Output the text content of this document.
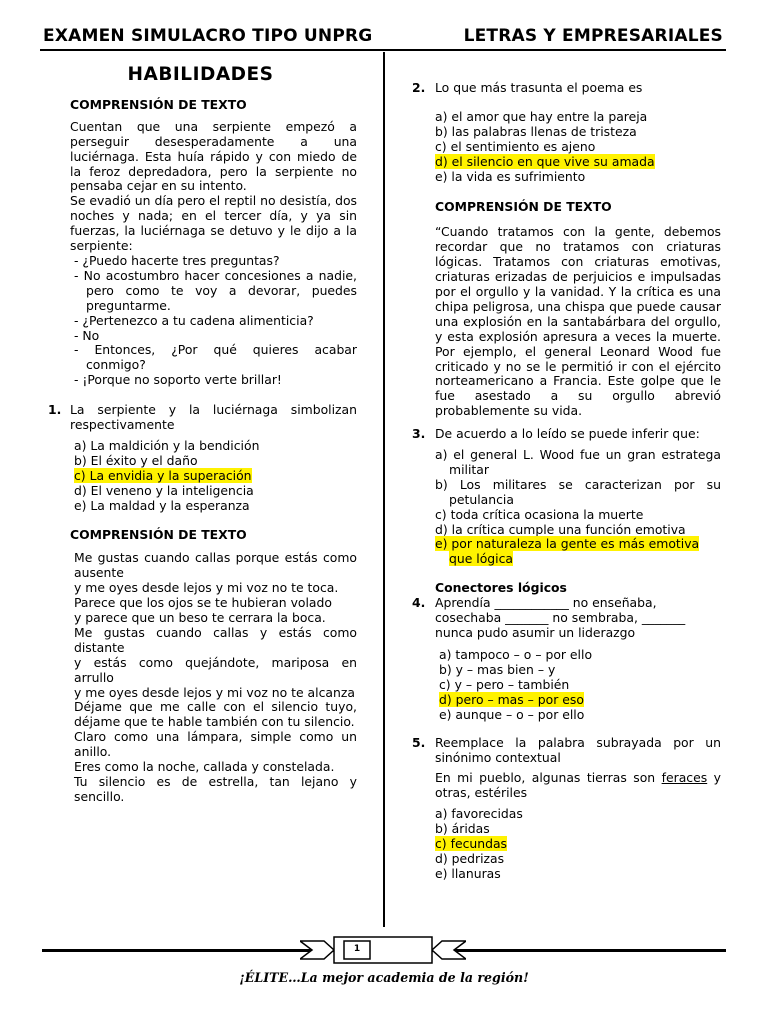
EXAMEN SIMULACRO TIPO UNPRG	LETRAS Y EMPRESARIALES

HABILIDADES

COMPRENSIÓN DE TEXTO

Cuentan que una serpiente empezó a perseguir desesperadamente a una luciérnaga. Esta huía rápido y con miedo de la feroz depredadora, pero la serpiente no pensaba cejar en su intento.

Se evadió un día pero el reptil no desistía, dos noches y nada; en el tercer día, y ya sin fuerzas, la luciérnaga se detuvo y le dijo a la serpiente:

- ¿Puedo hacerte tres preguntas?

- No acostumbro hacer concesiones a nadie, pero como te voy a devorar, puedes preguntarme.

- ¿Pertenezco a tu cadena alimenticia?

- No

- Entonces, ¿Por qué quieres acabar conmigo?

- ¡Porque no soporto verte brillar!

1. La serpiente y la luciérnaga simbolizan respectivamente

a) La maldición y la bendición

b) El éxito y el daño

c) La envidia y la superación

d) El veneno y la inteligencia

e) La maldad y la esperanza

COMPRENSIÓN DE TEXTO

Me gustas cuando callas porque estás como ausente

y me oyes desde lejos y mi voz no te toca.

Parece que los ojos se te hubieran volado

y parece que un beso te cerrara la boca.

Me gustas cuando callas y estás como distante

y estás como quejándote, mariposa en arrullo

y me oyes desde lejos y mi voz no te alcanza

Déjame que me calle con el silencio tuyo, déjame que te hable también con tu silencio.

Claro como una lámpara, simple como un anillo.

Eres como la noche, callada y constelada.

Tu silencio es de estrella, tan lejano y sencillo.

2. Lo que más trasunta el poema es

a) el amor que hay entre la pareja

b) las palabras llenas de tristeza

c) el sentimiento es ajeno

d) el silencio en que vive su amada

e) la vida es sufrimiento

COMPRENSIÓN DE TEXTO

“Cuando tratamos con la gente, debemos recordar que no tratamos con criaturas lógicas. Tratamos con criaturas emotivas, criaturas erizadas de perjuicios e impulsadas por el orgullo y la vanidad. Y la crítica es una chipa peligrosa, una chispa que puede causar una explosión en la santabárbara del orgullo, y esta explosión apresura a veces la muerte. Por ejemplo, el general Leonard Wood fue criticado y no se le permitió ir con el ejército norteamericano a Francia. Este golpe que le fue asestado a su orgullo abrevió probablemente su vida.

3. De acuerdo a lo leído se puede inferir que:

a) el general L. Wood fue un gran estratega militar

b) Los militares se caracterizan por su petulancia

c) toda crítica ocasiona la muerte

d) la crítica cumple una función emotiva

e) por naturaleza la gente es más emotiva que lógica

Conectores lógicos

4. Aprendía ____________ no enseñaba,

cosechaba _______ no sembraba, _______

nunca pudo asumir un liderazgo

a) tampoco – o – por ello

b) y – mas bien – y

c) y – pero – también

d) pero – mas – por eso

e) aunque – o – por ello

5. Reemplace la palabra subrayada por un sinónimo contextual

En mi pueblo, algunas tierras son feraces y otras, estériles

a) favorecidas

b) áridas

c) fecundas

d) pedrizas

e) llanuras

1
¡ÉLITE…La mejor academia de la región!
